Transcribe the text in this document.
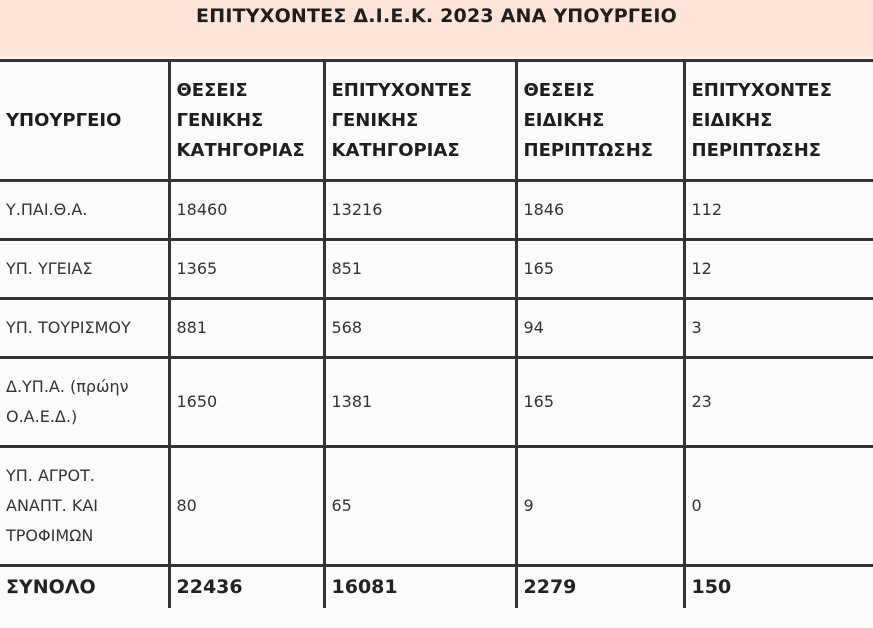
ΕΠΙΤΥΧΟΝΤΕΣ Δ.Ι.Ε.Κ. 2023 ΑΝΑ ΥΠΟΥΡΓΕΙΟ
ΥΠΟΥΡΓΕΙΟ	ΘΕΣΕΙΣ
ΓΕΝΙΚΗΣ
ΚΑΤΗΓΟΡΙΑΣ	ΕΠΙΤΥΧΟΝΤΕΣ
ΓΕΝΙΚΗΣ
ΚΑΤΗΓΟΡΙΑΣ	ΘΕΣΕΙΣ
ΕΙΔΙΚΗΣ
ΠΕΡΙΠΤΩΣΗΣ	ΕΠΙΤΥΧΟΝΤΕΣ
ΕΙΔΙΚΗΣ
ΠΕΡΙΠΤΩΣΗΣ
Υ.ΠΑΙ.Θ.Α.	18460	13216	1846	112
ΥΠ. ΥΓΕΙΑΣ	1365	851	165	12
ΥΠ. ΤΟΥΡΙΣΜΟΥ	881	568	94	3
Δ.ΥΠ.Α. (πρώην
Ο.Α.Ε.Δ.)	1650	1381	165	23
ΥΠ. ΑΓΡΟΤ.
ΑΝΑΠΤ. ΚΑΙ
ΤΡΟΦΙΜΩΝ	80	65	9	0
ΣΥΝΟΛΟ	22436	16081	2279	150
